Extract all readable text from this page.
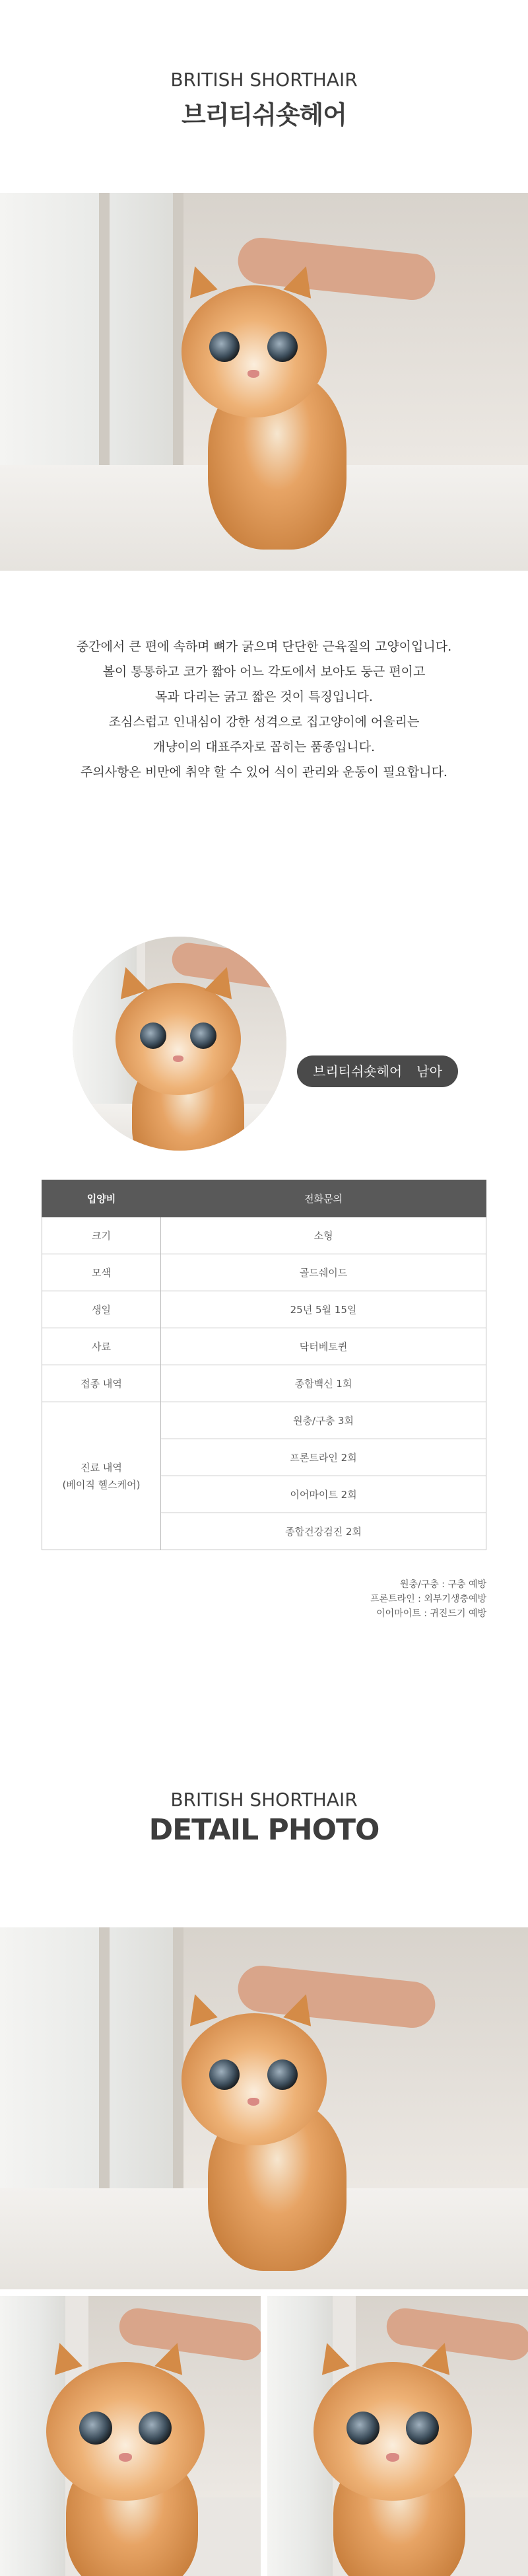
BRITISH SHORTHAIR
브리티쉬숏헤어

중간에서 큰 편에 속하며 뼈가 굵으며 단단한 근육질의 고양이입니다.

볼이 통통하고 코가 짧아 어느 각도에서 보아도 둥근 편이고

목과 다리는 굵고 짧은 것이 특징입니다.

조심스럽고 인내심이 강한 성격으로 집고양이에 어울리는

개냥이의 대표주자로 꼽히는 품종입니다.

주의사항은 비만에 취약 할 수 있어 식이 관리와 운동이 필요합니다.

브리티쉬숏헤어 남아
입양비	전화문의
크기	소형
모색	골드쉐이드
생일	25년 5월 15일
사료	닥터베토퀸
접종 내역	종합백신 1회
진료 내역
(베이직 헬스케어)	원충/구충 3회
	프론트라인 2회
	이어마이트 2회
	종합건강검진 2회
원충/구충 : 구충 예방
프론트라인 : 외부기생충예방
이어마이트 : 귀진드기 예방
BRITISH SHORTHAIR
DETAIL PHOTO
